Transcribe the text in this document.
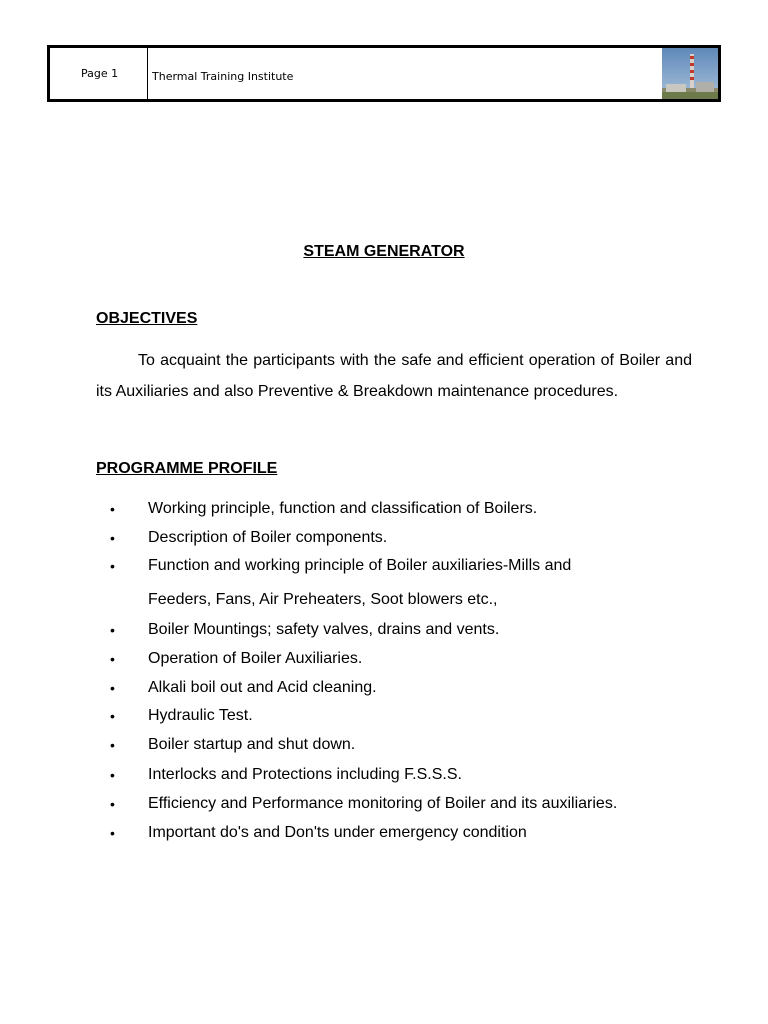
Page 1	Thermal Training Institute
STEAM GENERATOR
OBJECTIVES

To acquaint the participants with the safe and efficient operation of Boiler and its Auxiliaries and also Preventive & Breakdown maintenance procedures.

PROGRAMME PROFILE
•	Working principle, function and classification of Boilers.
•	Description of Boiler components.
•	Function and working principle of Boiler auxiliaries-Mills and
Feeders, Fans, Air Preheaters, Soot blowers etc.,
•	Boiler Mountings; safety valves, drains and vents.
•	Operation of Boiler Auxiliaries.
•	Alkali boil out and Acid cleaning.
•	Hydraulic Test.
•	Boiler startup and shut down.
•	Interlocks and Protections including F.S.S.S.
•	Efficiency and Performance monitoring of Boiler and its auxiliaries.
•	Important do's and Don'ts under emergency condition
